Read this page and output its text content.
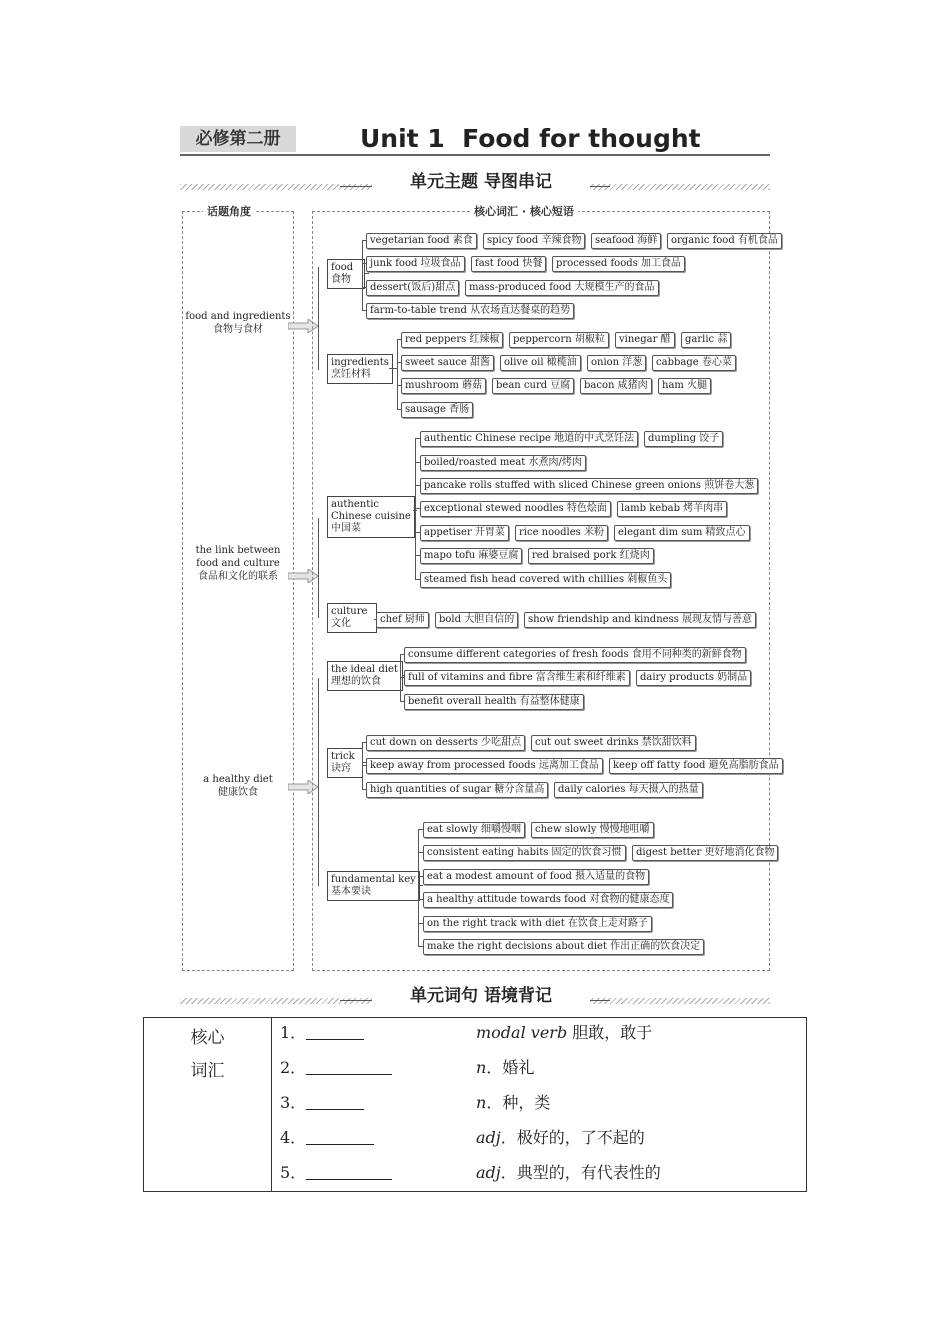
必修第二册	Unit 1 Food for thought
单元主题 导图串记
话题角度
food and ingredients
食物与食材
the link between food and culture
食品和文化的联系
a healthy diet
健康饮食
核心词汇 · 核心短语
food
食物
vegetarian food 素食	spicy food 辛辣食物	seafood 海鲜	organic food 有机食品
junk food 垃圾食品	fast food 快餐	processed foods 加工食品
dessert(饭后)甜点	mass-produced food 大规模生产的食品
farm-to-table trend 从农场直达餐桌的趋势
ingredients
烹饪材料
red peppers 红辣椒	peppercorn 胡椒粒	vinegar 醋	garlic 蒜
sweet sauce 甜酱	olive oil 橄榄油	onion 洋葱	cabbage 卷心菜
mushroom 蘑菇	bean curd 豆腐	bacon 咸猪肉	ham 火腿
sausage 香肠
authentic
Chinese cuisine
中国菜
authentic Chinese recipe 地道的中式烹饪法	dumpling 饺子
boiled/roasted meat 水煮肉/烤肉
pancake rolls stuffed with sliced Chinese green onions 煎饼卷大葱
exceptional stewed noodles 特色烩面	lamb kebab 烤羊肉串
appetiser 开胃菜	rice noodles 米粉	elegant dim sum 精致点心
mapo tofu 麻婆豆腐	red braised pork 红烧肉
steamed fish head covered with chillies 剁椒鱼头
culture
文化	chef 厨师	bold 大胆自信的	show friendship and kindness 展现友情与善意
the ideal diet
理想的饮食
consume different categories of fresh foods 食用不同种类的新鲜食物
full of vitamins and fibre 富含维生素和纤维素	dairy products 奶制品
benefit overall health 有益整体健康
trick
诀窍
cut down on desserts 少吃甜点	cut out sweet drinks 禁饮甜饮料
keep away from processed foods 远离加工食品	keep off fatty food 避免高脂肪食品
high quantities of sugar 糖分含量高	daily calories 每天摄入的热量
fundamental key
基本要诀
eat slowly 细嚼慢咽	chew slowly 慢慢地咀嚼
consistent eating habits 固定的饮食习惯	digest better 更好地消化食物
eat a modest amount of food 摄入适量的食物
a healthy attitude towards food 对食物的健康态度
on the right track with diet 在饮食上走对路子
make the right decisions about diet 作出正确的饮食决定
单元词句 语境背记
核心
词汇
1．	modal verb 胆敢，敢于
2．	n．婚礼
3．	n．种，类
4．	adj．极好的，了不起的
5．	adj．典型的，有代表性的
